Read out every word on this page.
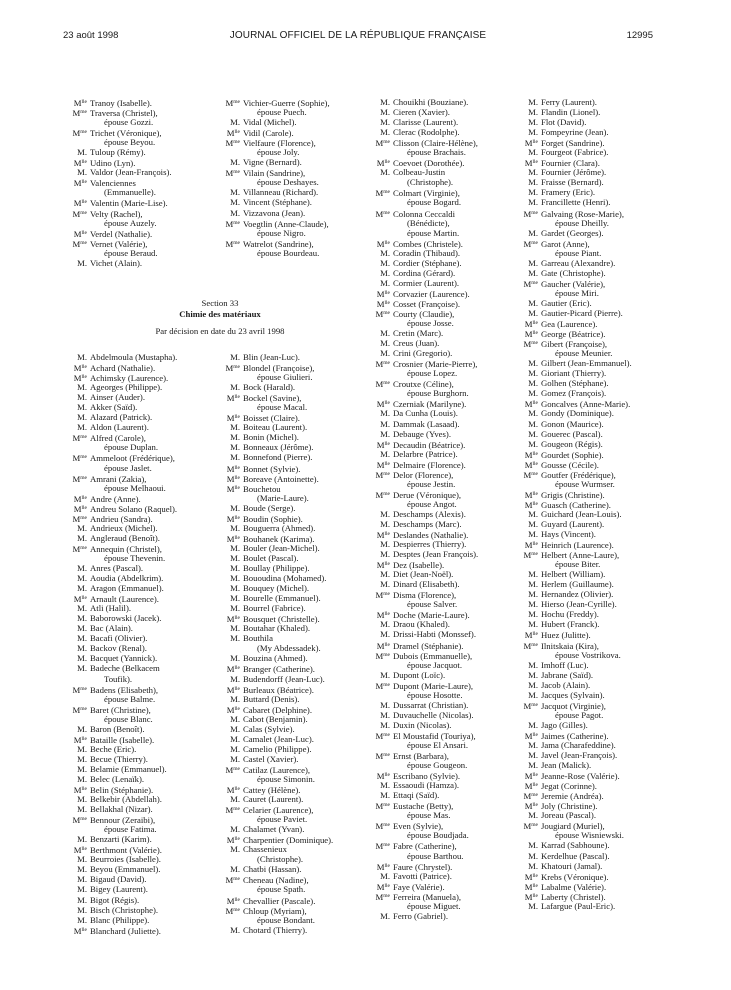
23 août 1998	JOURNAL OFFICIEL DE LA RÉPUBLIQUE FRANÇAISE	12995
$M^{lle}$ Tranoy (Isabelle).
$M^{me}$ Traversa (Christel),
épouse Gozzi.
$M^{me}$ Trichet (Véronique),
épouse Beyou.
M. Tuloup (Rémy).
$M^{lle}$ Udino (Lyn).
M. Valdor (Jean-François).
$M^{lle}$ Valenciennes
(Emmanuelle).
$M^{lle}$ Valentin (Marie-Lise).
$M^{me}$ Velty (Rachel),
épouse Auzely.
$M^{lle}$ Verdel (Nathalie).
$M^{me}$ Vernet (Valérie),
épouse Beraud.
M. Vichet (Alain).
$M^{me}$ Vichier-Guerre (Sophie),
épouse Puech.
M. Vidal (Michel).
$M^{lle}$ Vidil (Carole).
$M^{me}$ Vielfaure (Florence),
épouse Joly.
M. Vigne (Bernard).
$M^{me}$ Vilain (Sandrine),
épouse Deshayes.
M. Villanneau (Richard).
M. Vincent (Stéphane).
M. Vizzavona (Jean).
$M^{me}$ Voegtlin (Anne-Claude),
épouse Nigro.
$M^{me}$ Watrelot (Sandrine),
épouse Bourdeau.
M. Chouikhi (Bouziane).
M. Cieren (Xavier).
M. Clarisse (Laurent).
M. Clerac (Rodolphe).
$M^{me}$ Clisson (Claire-Hélène),
épouse Brachais.
$M^{lle}$ Coevoet (Dorothée).
M. Colbeau-Justin
(Christophe).
$M^{me}$ Colmart (Virginie),
épouse Bogard.
$M^{me}$ Colonna Ceccaldi
(Bénédicte),
épouse Martin.
$M^{lle}$ Combes (Christele).
M. Coradin (Thibaud).
M. Cordier (Stéphane).
M. Cordina (Gérard).
M. Cormier (Laurent).
$M^{lle}$ Corvazier (Laurence).
$M^{lle}$ Cosset (Françoise).
$M^{me}$ Courty (Claudie),
épouse Josse.
M. Cretin (Marc).
M. Creus (Juan).
M. Crini (Gregorio).
$M^{me}$ Crosnier (Marie-Pierre),
épouse Lopez.
$M^{me}$ Croutxe (Céline),
épouse Burghorn.
$M^{lle}$ Czerniak (Marilyne).
M. Da Cunha (Louis).
M. Dammak (Lasaad).
M. Debauge (Yves).
$M^{lle}$ Decaudin (Béatrice).
M. Delarbre (Patrice).
$M^{lle}$ Delmaire (Florence).
$M^{me}$ Delor (Florence),
épouse Jestin.
$M^{me}$ Derue (Véronique),
épouse Angot.
M. Deschamps (Alexis).
M. Deschamps (Marc).
$M^{lle}$ Deslandes (Nathalie).
M. Despierres (Thierry).
M. Desptes (Jean François).
$M^{lle}$ Dez (Isabelle).
M. Diet (Jean-Noël).
M. Dinard (Elisabeth).
$M^{me}$ Disma (Florence),
épouse Salver.
$M^{lle}$ Doche (Marie-Laure).
M. Draou (Khaled).
M. Drissi-Habti (Monssef).
$M^{lle}$ Dramel (Stéphanie).
$M^{me}$ Dubois (Emmanuelle),
épouse Jacquot.
M. Dupont (Loïc).
$M^{me}$ Dupont (Marie-Laure),
épouse Hosotte.
M. Dussarrat (Christian).
M. Duvauchelle (Nicolas).
M. Duxin (Nicolas).
$M^{me}$ El Moustafid (Touriya),
épouse El Ansari.
$M^{me}$ Ernst (Barbara),
épouse Gougeon.
$M^{lle}$ Escribano (Sylvie).
M. Essaoudi (Hamza).
M. Ettaqi (Saïd).
$M^{me}$ Eustache (Betty),
épouse Mas.
$M^{me}$ Even (Sylvie),
épouse Boudjada.
$M^{me}$ Fabre (Catherine),
épouse Barthou.
$M^{lle}$ Faure (Chrystel).
M. Favotti (Patrice).
$M^{lle}$ Faye (Valérie).
$M^{me}$ Ferreira (Manuela),
épouse Miguet.
M. Ferro (Gabriel).
M. Ferry (Laurent).
M. Flandin (Lionel).
M. Flot (David).
M. Fompeyrine (Jean).
$M^{lle}$ Forget (Sandrine).
M. Fourgeot (Fabrice).
$M^{lle}$ Fournier (Clara).
M. Fournier (Jérôme).
M. Fraisse (Bernard).
M. Framery (Eric).
M. Francillette (Henri).
$M^{me}$ Galvaing (Rose-Marie),
épouse Dheilly.
M. Gardet (Georges).
$M^{me}$ Garot (Anne),
épouse Piant.
M. Garreau (Alexandre).
M. Gate (Christophe).
$M^{me}$ Gaucher (Valérie),
épouse Miri.
M. Gautier (Eric).
M. Gautier-Picard (Pierre).
$M^{lle}$ Gea (Laurence).
$M^{lle}$ George (Béatrice).
$M^{me}$ Gibert (Françoise),
épouse Meunier.
M. Gilbert (Jean-Emmanuel).
M. Gioriant (Thierry).
M. Golhen (Stéphane).
M. Gomez (François).
$M^{lle}$ Goncalves (Anne-Marie).
M. Gondy (Dominique).
M. Gonon (Maurice).
M. Gouerec (Pascal).
M. Gougeon (Régis).
$M^{lle}$ Gourdet (Sophie).
$M^{lle}$ Gousse (Cécile).
$M^{me}$ Goutfer (Frédérique),
épouse Wurmser.
$M^{lle}$ Grigis (Christine).
$M^{lle}$ Guasch (Catherine).
M. Guichard (Jean-Louis).
M. Guyard (Laurent).
M. Hays (Vincent).
$M^{lle}$ Heinrich (Laurence).
$M^{me}$ Helbert (Anne-Laure),
épouse Biter.
M. Helbert (William).
M. Herlem (Guillaume).
M. Hernandez (Olivier).
M. Hierso (Jean-Cyrille).
M. Hochu (Freddy).
M. Hubert (Franck).
$M^{lle}$ Huez (Julitte).
$M^{me}$ Ilnitskaia (Kira),
épouse Vostrikova.
M. Imhoff (Luc).
M. Jabrane (Saïd).
M. Jacob (Alain).
M. Jacques (Sylvain).
$M^{me}$ Jacquot (Virginie),
épouse Pagot.
M. Jago (Gilles).
$M^{lle}$ Jaimes (Catherine).
M. Jama (Charafeddine).
M. Javel (Jean-François).
M. Jean (Malick).
$M^{lle}$ Jeanne-Rose (Valérie).
$M^{lle}$ Jegat (Corinne).
$M^{me}$ Jeremie (Andréa).
$M^{lle}$ Joly (Christine).
M. Joreau (Pascal).
$M^{me}$ Jougiard (Muriel),
épouse Wisniewski.
M. Karrad (Sabhoune).
M. Kerdelhue (Pascal).
M. Khatouri (Jamal).
$M^{lle}$ Krebs (Véronique).
$M^{lle}$ Labalme (Valérie).
$M^{lle}$ Laberty (Christel).
M. Lafargue (Paul-Eric).
Section 33
Chimie des matériaux
Par décision en date du 23 avril 1998
M. Abdelmoula (Mustapha).
$M^{lle}$ Achard (Nathalie).
$M^{lle}$ Achimsky (Laurence).
M. Ageorges (Philippe).
M. Ainser (Auder).
M. Akker (Saïd).
M. Alazard (Patrick).
M. Aldon (Laurent).
$M^{me}$ Alfred (Carole),
épouse Duplan.
$M^{me}$ Ammeloot (Frédérique),
épouse Jaslet.
$M^{me}$ Amrani (Zakia),
épouse Melhaoui.
$M^{lle}$ Andre (Anne).
$M^{lle}$ Andreu Solano (Raquel).
$M^{me}$ Andrieu (Sandra).
M. Andrieux (Michel).
M. Angleraud (Benoît).
$M^{me}$ Annequin (Christel),
épouse Thevenin.
M. Anres (Pascal).
M. Aoudia (Abdelkrim).
M. Aragon (Emmanuel).
$M^{lle}$ Arnault (Laurence).
M. Atli (Halil).
M. Baborowski (Jacek).
M. Bac (Alain).
M. Bacafi (Olivier).
M. Backov (Renal).
M. Bacquet (Yannick).
M. Badeche (Belkacem
Toufik).
$M^{me}$ Badens (Elisabeth),
épouse Balme.
$M^{me}$ Baret (Christine),
épouse Blanc.
M. Baron (Benoît).
$M^{lle}$ Bataille (Isabelle).
M. Beche (Eric).
M. Becue (Thierry).
M. Belamie (Emmanuel).
M. Belec (Lenaïk).
$M^{lle}$ Belin (Stéphanie).
M. Belkebir (Abdellah).
M. Bellakhal (Nizar).
$M^{me}$ Bennour (Zeraibi),
épouse Fatima.
M. Benzarti (Karim).
$M^{lle}$ Berthmont (Valérie).
M. Beurroies (Isabelle).
M. Beyou (Emmanuel).
M. Bigaud (David).
M. Bigey (Laurent).
M. Bigot (Régis).
M. Bisch (Christophe).
M. Blanc (Philippe).
$M^{lle}$ Blanchard (Juliette).
M. Blin (Jean-Luc).
$M^{me}$ Blondel (Françoise),
épouse Giulieri.
M. Bock (Harald).
$M^{lle}$ Bockel (Savine),
épouse Macal.
$M^{lle}$ Boisset (Claire).
M. Boiteau (Laurent).
M. Bonin (Michel).
M. Bonneaux (Jérôme).
M. Bonnefond (Pierre).
$M^{lle}$ Bonnet (Sylvie).
$M^{lle}$ Boreave (Antoinette).
$M^{lle}$ Bouchetou
(Marie-Laure).
M. Boude (Serge).
$M^{lle}$ Boudin (Sophie).
M. Bouguerra (Ahmed).
$M^{lle}$ Bouhanek (Karima).
M. Bouler (Jean-Michel).
M. Boulet (Pascal).
M. Boullay (Philippe).
M. Bououdina (Mohamed).
M. Bouquey (Michel).
M. Bourelle (Emmanuel).
M. Bourrel (Fabrice).
$M^{lle}$ Bousquet (Christelle).
M. Boutahar (Khaled).
M. Bouthila
(My Abdessadek).
M. Bouzina (Ahmed).
$M^{lle}$ Branger (Catherine).
M. Budendorff (Jean-Luc).
$M^{lle}$ Burleaux (Béatrice).
M. Buttard (Denis).
$M^{lle}$ Cabaret (Delphine).
M. Cabot (Benjamin).
M. Calas (Sylvie).
M. Camalet (Jean-Luc).
M. Camelio (Philippe).
M. Castel (Xavier).
$M^{me}$ Catilaz (Laurence),
épouse Simonin.
$M^{lle}$ Cattey (Hélène).
M. Cauret (Laurent).
$M^{me}$ Celarier (Laurence),
épouse Paviet.
M. Chalamet (Yvan).
$M^{lle}$ Charpentier (Dominique).
M. Chassenieux
(Christophe).
M. Chatbi (Hassan).
$M^{me}$ Cheneau (Nadine),
épouse Spath.
$M^{lle}$ Chevallier (Pascale).
$M^{me}$ Chloup (Myriam),
épouse Bondant.
M. Chotard (Thierry).
